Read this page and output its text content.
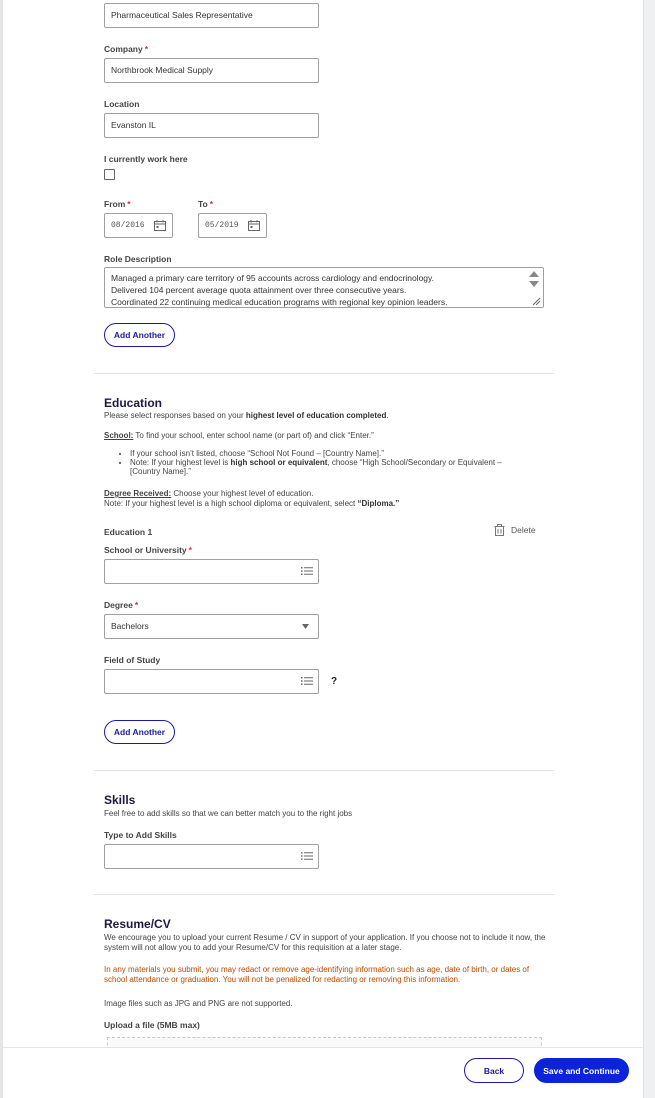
Pharmaceutical Sales Representative
Company *
Northbrook Medical Supply
Location
Evanston IL
I currently work here
From *
08/2016
To *
05/2019
Role Description
Managed a primary care territory of 95 accounts across cardiology and endocrinology.
Delivered 104 percent average quota attainment over three consecutive years.
Coordinated 22 continuing medical education programs with regional key opinion leaders.
Add Another
Education
Please select responses based on your highest level of education completed.
School: To find your school, enter school name (or part of) and click “Enter.”
• If your school isn’t listed, choose “School Not Found – [Country Name].”
• Note: If your highest level is high school or equivalent, choose “High School/Secondary or Equivalent – [Country Name].”
Degree Received: Choose your highest level of education.
Note: If your highest level is a high school diploma or equivalent, select “Diploma.”
Education 1	Delete
School or University *
Degree *
Bachelors
Field of Study
?
Add Another
Skills
Feel free to add skills so that we can better match you to the right jobs
Type to Add Skills
Resume/CV
We encourage you to upload your current Resume / CV in support of your application. If you choose not to include it now, the system will not allow you to add your Resume/CV for this requisition at a later stage.
In any materials you submit, you may redact or remove age-identifying information such as age, date of birth, or dates of school attendance or graduation. You will not be penalized for redacting or removing this information.
Image files such as JPG and PNG are not supported.
Upload a file (5MB max)
Back	Save and Continue
